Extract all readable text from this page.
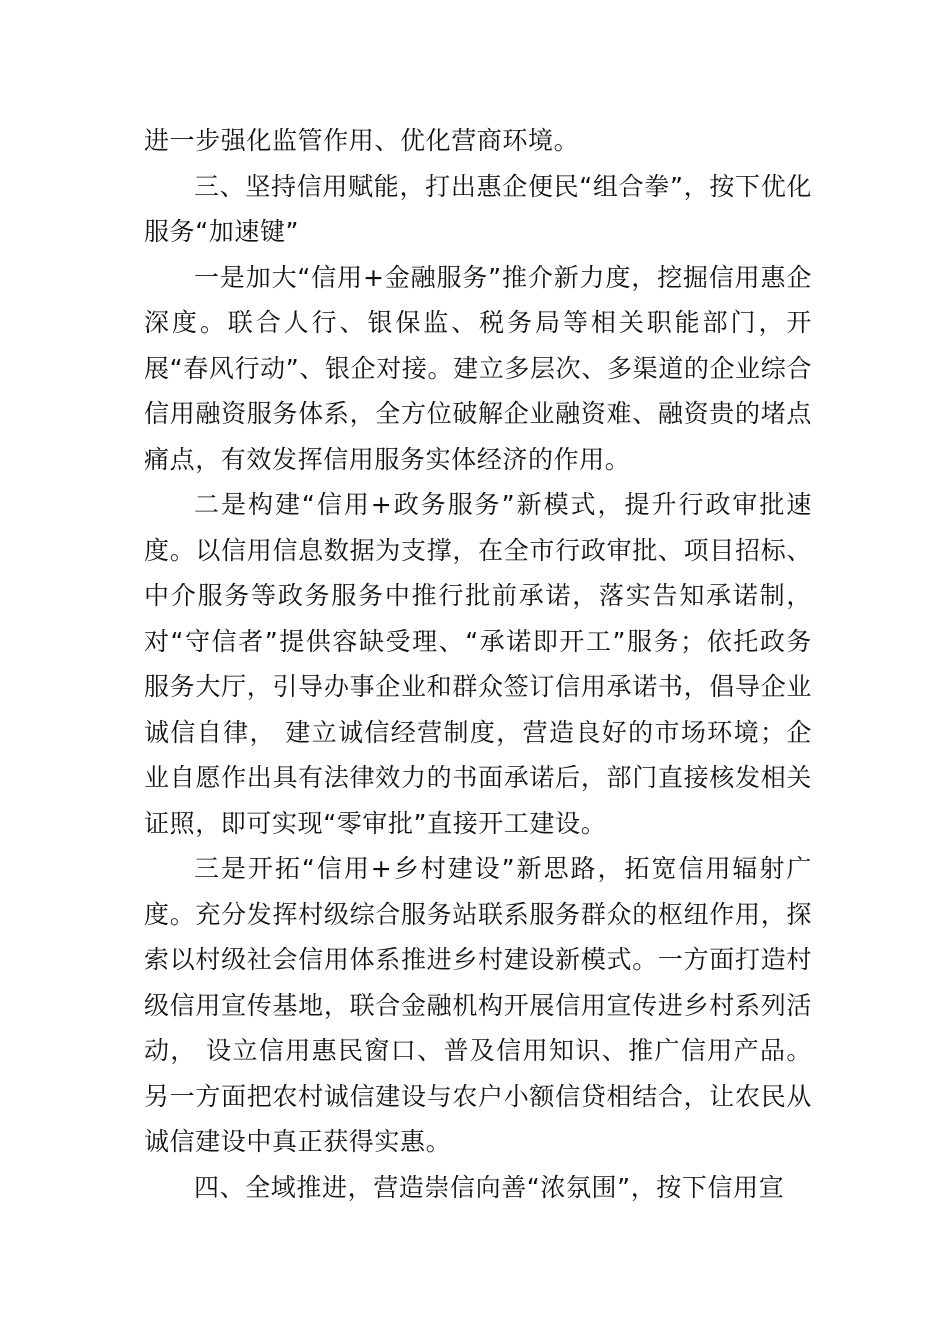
进一步强化监管作用、优化营商环境。

三、坚持信用赋能，打出惠企便民“组合拳”，按下优化服务“加速键”

一是加大“信用+金融服务”推介新力度，挖掘信用惠企深度。联合人行、银保监、税务局等相关职能部门，开展“春风行动”、银企对接。建立多层次、多渠道的企业综合信用融资服务体系，全方位破解企业融资难、融资贵的堵点痛点，有效发挥信用服务实体经济的作用。

二是构建“信用+政务服务”新模式，提升行政审批速度。以信用信息数据为支撑，在全市行政审批、项目招标、中介服务等政务服务中推行批前承诺，落实告知承诺制，对“守信者”提供容缺受理、“承诺即开工”服务；依托政务服务大厅，引导办事企业和群众签订信用承诺书，倡导企业诚信自律， 建立诚信经营制度，营造良好的市场环境；企业自愿作出具有法律效力的书面承诺后，部门直接核发相关证照，即可实现“零审批”直接开工建设。

三是开拓“信用+乡村建设”新思路，拓宽信用辐射广度。充分发挥村级综合服务站联系服务群众的枢纽作用，探索以村级社会信用体系推进乡村建设新模式。一方面打造村级信用宣传基地，联合金融机构开展信用宣传进乡村系列活动， 设立信用惠民窗口、普及信用知识、推广信用产品。另一方面把农村诚信建设与农户小额信贷相结合，让农民从诚信建设中真正获得实惠。

四、全域推进，营造崇信向善“浓氛围”，按下信用宣
